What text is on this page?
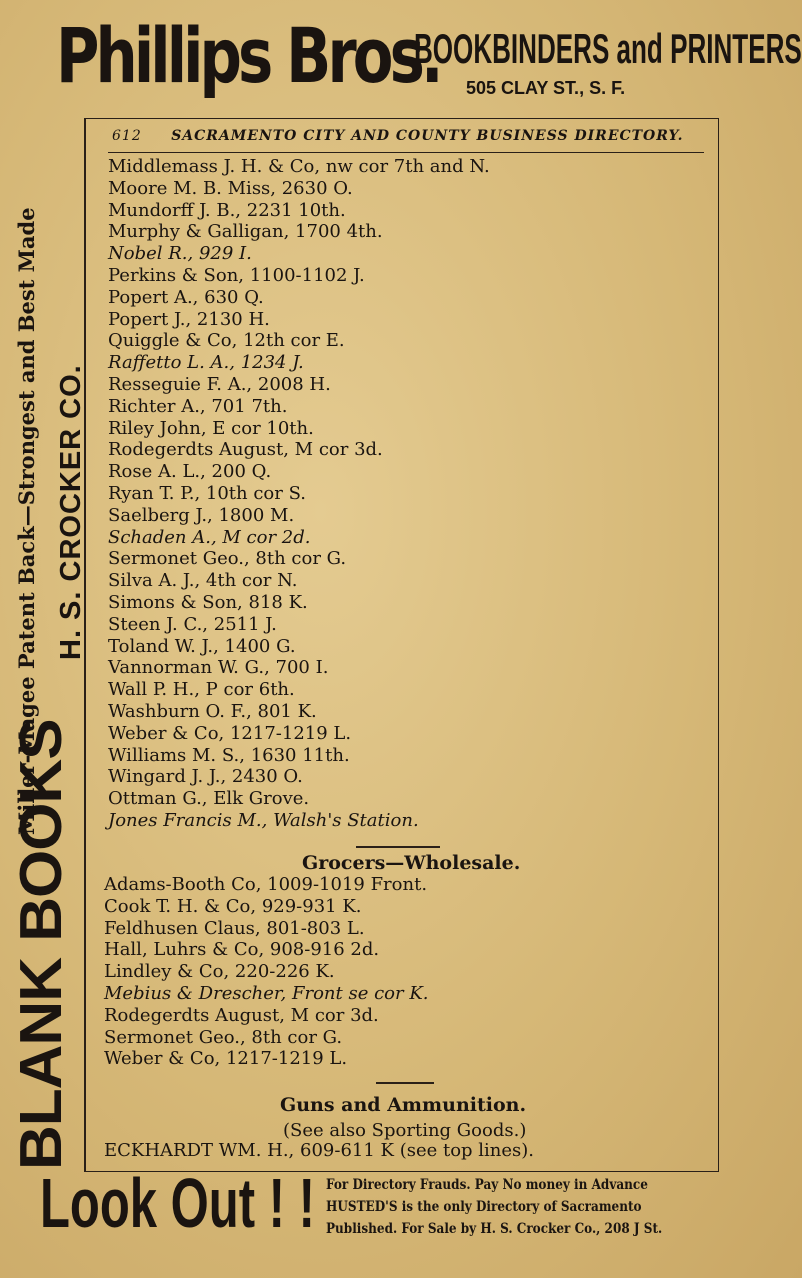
Phillips Bros.
BOOKBINDERS and PRINTERS
505 CLAY ST., S. F.
Miller-Magee Patent Back—Strongest and Best Made H. S. CROCKER CO.
BLANK BOOKS
612 SACRAMENTO CITY AND COUNTY BUSINESS DIRECTORY.
Middlemass J. H. & Co, nw cor 7th and N.
Moore M. B. Miss, 2630 O.
Mundorff J. B., 2231 10th.
Murphy & Galligan, 1700 4th.
Nobel R., 929 I.
Perkins & Son, 1100-1102 J.
Popert A., 630 Q.
Popert J., 2130 H.
Quiggle & Co, 12th cor E.
Raffetto L. A., 1234 J.
Resseguie F. A., 2008 H.
Richter A., 701 7th.
Riley John, E cor 10th.
Rodegerdts August, M cor 3d.
Rose A. L., 200 Q.
Ryan T. P., 10th cor S.
Saelberg J., 1800 M.
Schaden A., M cor 2d.
Sermonet Geo., 8th cor G.
Silva A. J., 4th cor N.
Simons & Son, 818 K.
Steen J. C., 2511 J.
Toland W. J., 1400 G.
Vannorman W. G., 700 I.
Wall P. H., P cor 6th.
Washburn O. F., 801 K.
Weber & Co, 1217-1219 L.
Williams M. S., 1630 11th.
Wingard J. J., 2430 O.
Ottman G., Elk Grove.
Jones Francis M., Walsh's Station.
Grocers—Wholesale.
Adams-Booth Co, 1009-1019 Front.
Cook T. H. & Co, 929-931 K.
Feldhusen Claus, 801-803 L.
Hall, Luhrs & Co, 908-916 2d.
Lindley & Co, 220-226 K.
Mebius & Drescher, Front se cor K.
Rodegerdts August, M cor 3d.
Sermonet Geo., 8th cor G.
Weber & Co, 1217-1219 L.
Guns and Ammunition.
(See also Sporting Goods.)
ECKHARDT WM. H., 609-611 K (see top lines).
Look Out ! ! For Directory Frauds. Pay No money in Advance
HUSTED'S is the only Directory of Sacramento
Published. For Sale by H. S. Crocker Co., 208 J St.
